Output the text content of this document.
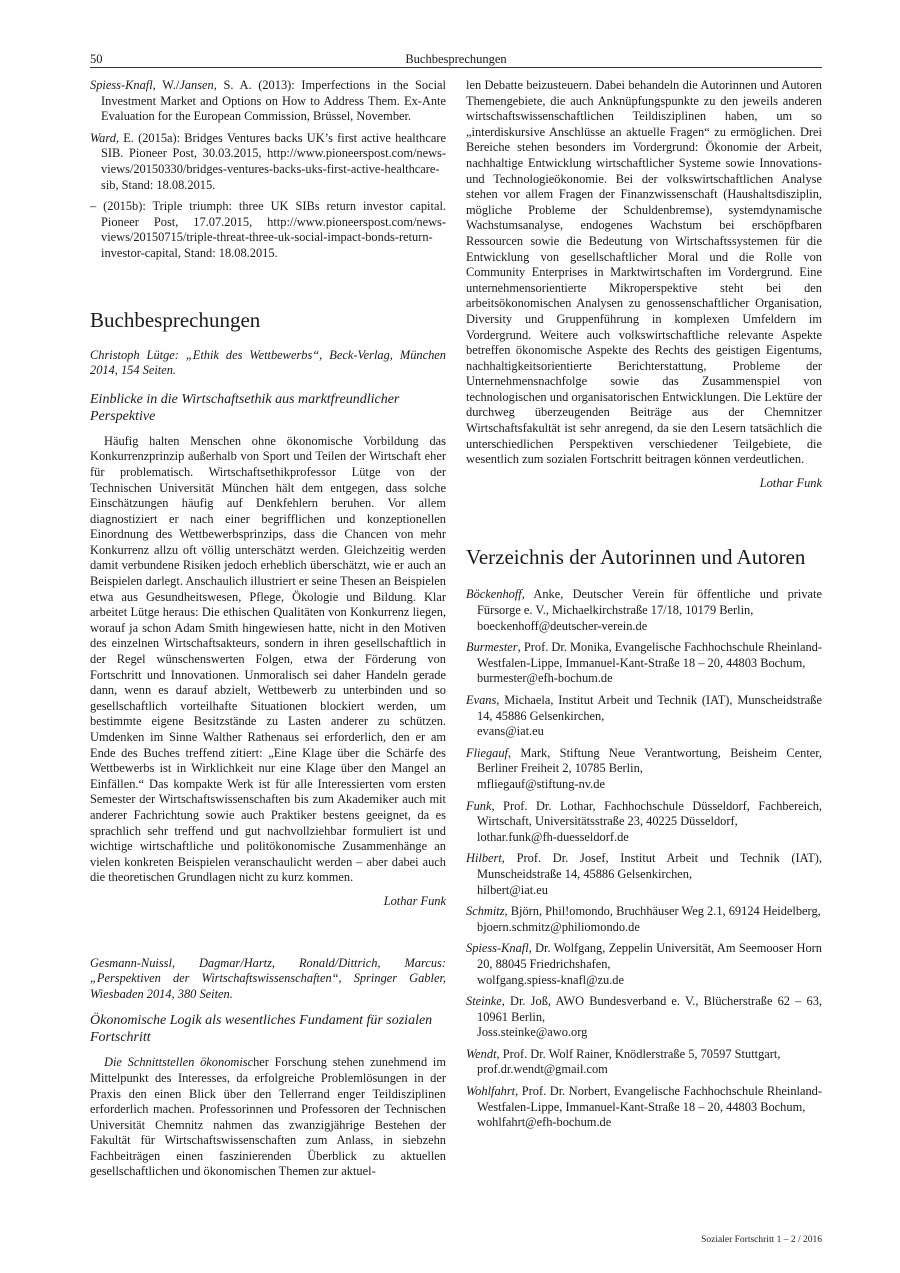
50	Buchbesprechungen

Spiess-Knafl, W./Jansen, S. A. (2013): Imperfections in the Social Investment Market and Options on How to Address Them. Ex-Ante Evaluation for the European Commission, Brüssel, November.

Ward, E. (2015a): Bridges Ventures backs UK’s first active healthcare SIB. Pioneer Post, 30.03.2015, http://www.pioneerspost.com/news-views/20150330/bridges-ventures-backs-uks-first-active-healthcare-sib, Stand: 18.08.2015.

– (2015b): Triple triumph: three UK SIBs return investor capital. Pioneer Post, 17.07.2015, http://www.pioneerspost.com/news-views/20150715/triple-threat-three-uk-social-impact-bonds-return-investor-capital, Stand: 18.08.2015.

Buchbesprechungen

Christoph Lütge: „Ethik des Wettbewerbs“, Beck-Verlag, München 2014, 154 Seiten.

Einblicke in die Wirtschaftsethik aus marktfreundlicher Perspektive

Häufig halten Menschen ohne ökonomische Vorbildung das Konkurrenzprinzip außerhalb von Sport und Teilen der Wirtschaft eher für problematisch. Wirtschaftsethikprofessor Lütge von der Technischen Universität München hält dem entgegen, dass solche Einschätzungen häufig auf Denkfehlern beruhen. Vor allem diagnostiziert er nach einer begrifflichen und konzeptionellen Einordnung des Wettbewerbsprinzips, dass die Chancen von mehr Konkurrenz allzu oft völlig unterschätzt werden. Gleichzeitig werden damit verbundene Risiken jedoch erheblich überschätzt, wie er auch an Beispielen darlegt. Anschaulich illustriert er seine Thesen an Beispielen etwa aus Gesundheitswesen, Pflege, Ökologie und Bildung. Klar arbeitet Lütge heraus: Die ethischen Qualitäten von Konkurrenz liegen, worauf ja schon Adam Smith hingewiesen hatte, nicht in den Motiven des einzelnen Wirtschaftsakteurs, sondern in ihren gesellschaftlich in der Regel wünschenswerten Folgen, etwa der Förderung von Fortschritt und Innovationen. Unmoralisch sei daher Handeln gerade dann, wenn es darauf abzielt, Wettbewerb zu unterbinden und so gesellschaftlich vorteilhafte Situationen blockiert werden, um bestimmte eigene Besitzstände zu Lasten anderer zu schützen. Umdenken im Sinne Walther Rathenaus sei erforderlich, den er am Ende des Buches treffend zitiert: „Eine Klage über die Schärfe des Wettbewerbs ist in Wirklichkeit nur eine Klage über den Mangel an Einfällen.“ Das kompakte Werk ist für alle Interessierten vom ersten Semester der Wirtschaftswissenschaften bis zum Akademiker auch mit anderer Fachrichtung sowie auch Praktiker bestens geeignet, da es sprachlich sehr treffend und gut nachvollziehbar formuliert ist und wichtige wirtschaftliche und politökonomische Zusammenhänge an vielen konkreten Beispielen veranschaulicht werden – aber dabei auch die theoretischen Grundlagen nicht zu kurz kommen.

Lothar Funk

Gesmann-Nuissl, Dagmar/Hartz, Ronald/Dittrich, Marcus: „Perspektiven der Wirtschaftswissenschaften“, Springer Gabler, Wiesbaden 2014, 380 Seiten.

Ökonomische Logik als wesentliches Fundament für sozialen Fortschritt

Die Schnittstellen ökonomischer Forschung stehen zunehmend im Mittelpunkt des Interesses, da erfolgreiche Problemlösungen in der Praxis den einen Blick über den Tellerrand enger Teildisziplinen erforderlich machen. Professorinnen und Professoren der Technischen Universität Chemnitz nahmen das zwanzigjährige Bestehen der Fakultät für Wirtschaftswissenschaften zum Anlass, in siebzehn Fachbeiträgen einen faszinierenden Überblick zu aktuellen gesellschaftlichen und ökonomischen Themen zur aktuel-

len Debatte beizusteuern. Dabei behandeln die Autorinnen und Autoren Themengebiete, die auch Anknüpfungspunkte zu den jeweils anderen wirtschaftswissenschaftlichen Teildisziplinen haben, um so „interdiskursive Anschlüsse an aktuelle Fragen“ zu ermöglichen. Drei Bereiche stehen besonders im Vordergrund: Ökonomie der Arbeit, nachhaltige Entwicklung wirtschaftlicher Systeme sowie Innovations- und Technologieökonomie. Bei der volkswirtschaftlichen Analyse stehen vor allem Fragen der Finanzwissenschaft (Haushaltsdisziplin, mögliche Probleme der Schuldenbremse), systemdynamische Wachstumsanalyse, endogenes Wachstum bei erschöpfbaren Ressourcen sowie die Bedeutung von Wirtschaftssystemen für die Entwicklung von gesellschaftlicher Moral und die Rolle von Community Enterprises in Marktwirtschaften im Vordergrund. Eine unternehmensorientierte Mikroperspektive steht bei den arbeitsökonomischen Analysen zu genossenschaftlicher Organisation, Diversity und Gruppenführung in komplexen Umfeldern im Vordergrund. Weitere auch volkswirtschaftliche relevante Aspekte betreffen ökonomische Aspekte des Rechts des geistigen Eigentums, nachhaltigkeitsorientierte Berichterstattung, Probleme der Unternehmensnachfolge sowie das Zusammenspiel von technologischen und organisatorischen Entwicklungen. Die Lektüre der durchweg überzeugenden Beiträge aus der Chemnitzer Wirtschaftsfakultät ist sehr anregend, da sie den Lesern tatsächlich die unterschiedlichen Perspektiven verschiedener Teilgebiete, die wesentlich zum sozialen Fortschritt beitragen können verdeutlichen.

Lothar Funk

Verzeichnis der Autorinnen und Autoren

Böckenhoff, Anke, Deutscher Verein für öffentliche und private Fürsorge e. V., Michaelkirchstraße 17/18, 10179 Berlin,
boeckenhoff@deutscher-verein.de

Burmester, Prof. Dr. Monika, Evangelische Fachhochschule Rheinland-Westfalen-Lippe, Immanuel-Kant-Straße 18 – 20, 44803 Bochum,
burmester@efh-bochum.de

Evans, Michaela, Institut Arbeit und Technik (IAT), Munscheidstraße 14, 45886 Gelsenkirchen,
evans@iat.eu

Fliegauf, Mark, Stiftung Neue Verantwortung, Beisheim Center, Berliner Freiheit 2, 10785 Berlin,
mfliegauf@stiftung-nv.de

Funk, Prof. Dr. Lothar, Fachhochschule Düsseldorf, Fachbereich, Wirtschaft, Universitätsstraße 23, 40225 Düsseldorf,
lothar.funk@fh-duesseldorf.de

Hilbert, Prof. Dr. Josef, Institut Arbeit und Technik (IAT), Munscheidstraße 14, 45886 Gelsenkirchen,
hilbert@iat.eu

Schmitz, Björn, Phil!omondo, Bruchhäuser Weg 2.1, 69124 Heidelberg,
bjoern.schmitz@philiomondo.de

Spiess-Knafl, Dr. Wolfgang, Zeppelin Universität, Am Seemooser Horn 20, 88045 Friedrichshafen,
wolfgang.spiess-knafl@zu.de

Steinke, Dr. Joß, AWO Bundesverband e. V., Blücherstraße 62 – 63, 10961 Berlin,
Joss.steinke@awo.org

Wendt, Prof. Dr. Wolf Rainer, Knödlerstraße 5, 70597 Stuttgart,
prof.dr.wendt@gmail.com

Wohlfahrt, Prof. Dr. Norbert, Evangelische Fachhochschule Rheinland-Westfalen-Lippe, Immanuel-Kant-Straße 18 – 20, 44803 Bochum,
wohlfahrt@efh-bochum.de

Sozialer Fortschritt 1 – 2 / 2016
